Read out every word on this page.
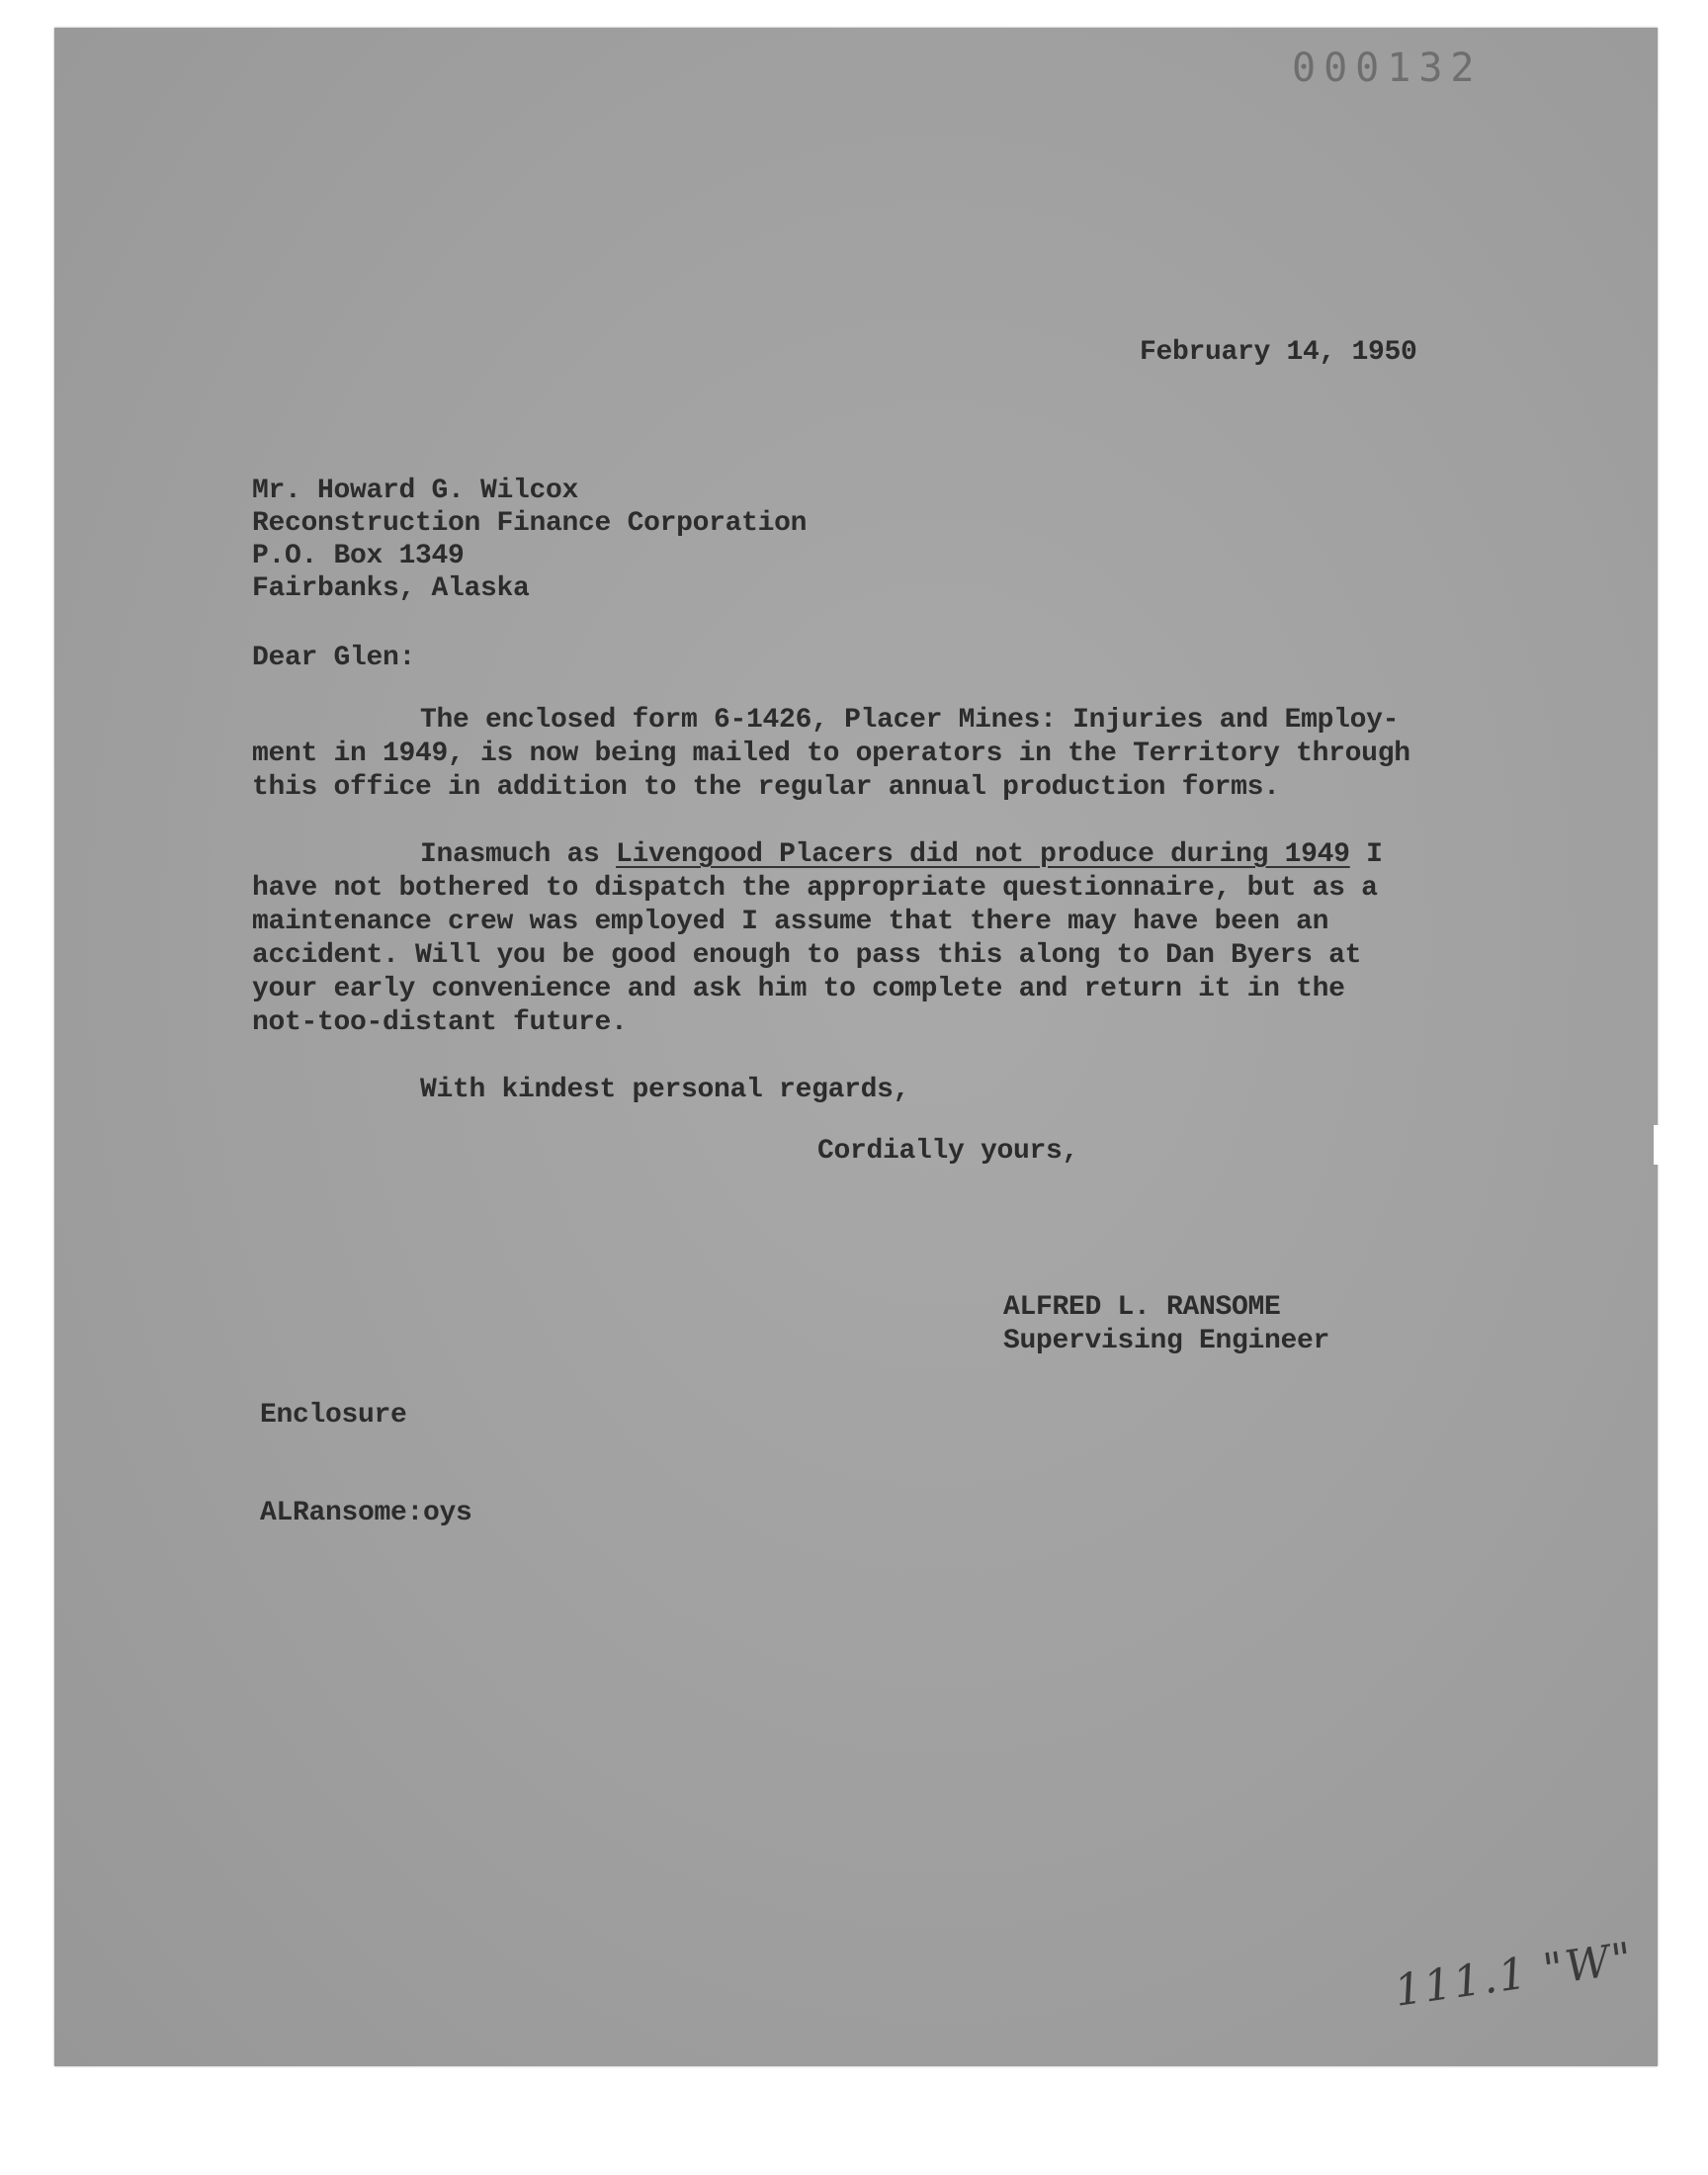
000132
February 14, 1950
Mr. Howard G. Wilcox
Reconstruction Finance Corporation
P.O. Box 1349
Fairbanks, Alaska
Dear Glen:
The enclosed form 6-1426, Placer Mines: Injuries and Employ-
ment in 1949, is now being mailed to operators in the Territory through
this office in addition to the regular annual production forms.
Inasmuch as Livengood Placers did not produce during 1949 I
have not bothered to dispatch the appropriate questionnaire, but as a
maintenance crew was employed I assume that there may have been an
accident. Will you be good enough to pass this along to Dan Byers at
your early convenience and ask him to complete and return it in the
not-too-distant future.
With kindest personal regards,
Cordially yours,
ALFRED L. RANSOME
Supervising Engineer
Enclosure
ALRansome:oys
111.1 "W"
